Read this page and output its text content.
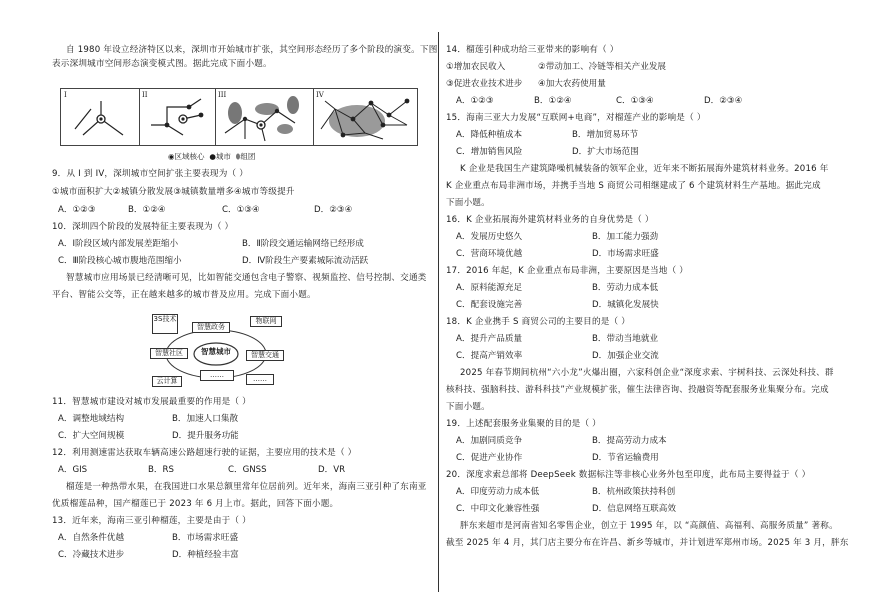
自 1980 年设立经济特区以来，深圳市开始城市扩张，其空间形态经历了多个阶段的演变。下图
表示深圳城市空间形态演变模式图。据此完成下面小题。
I	II	III	IV
◉区域核心 ●城市 ⬮组团
9．从 I 到 IV，深圳城市空间扩张主要表现为（ ）
①城市面积扩大②城镇分散发展③城镇数量增多④城市等级提升
A．①②③	B．①②④	C．①③④	D．②③④
10．深圳四个阶段的发展特征主要表现为（ ）
A．Ⅰ阶段区域内部发展差距缩小	B．Ⅱ阶段交通运输网络已经形成
C．Ⅲ阶段核心城市腹地范围缩小	D．Ⅳ阶段生产要素城际流动活跃
智慧城市应用场景已经清晰可见，比如智能交通包含电子警察、视频监控、信号控制、交通类
平台、智能公交等，正在越来越多的城市普及应用。完成下面小题。
智慧城市
3S技术
智慧政务
物联网
智慧社区	智慧交通
云计算
……	……
11．智慧城市建设对城市发展最重要的作用是（ ）
A．调整地域结构	B．加速人口集散
C．扩大空间规模	D．提升服务功能
12．利用测速雷达获取车辆高速公路超速行驶的证据，主要应用的技术是（ ）
A．GIS	B．RS	C．GNSS	D．VR
榴莲是一种热带水果，在我国进口水果总额里常年位居前列。近年来，海南三亚引种了东南亚
优质榴莲品种，国产榴莲已于 2023 年 6 月上市。据此，回答下面小题。
13．近年来，海南三亚引种榴莲，主要是由于（ ）
A．自然条件优越	B．市场需求旺盛
C．冷藏技术进步	D．种植经验丰富
14．榴莲引种成功给三亚带来的影响有（ ）
①增加农民收入	②带动加工、冷链等相关产业发展
③促进农业技术进步 ④加大农药使用量
A．①②③	B．①②④	C．①③④	D．②③④
15．海南三亚大力发展“互联网+电商”，对榴莲产业的影响是（ ）
A．降低种植成本	B．增加贸易环节
C．增加销售风险	D．扩大市场范围
K 企业是我国生产建筑降噪机械装备的领军企业，近年来不断拓展海外建筑材料业务。2016 年
K 企业重点布局非洲市场，并携手当地 S 商贸公司相继建成了 6 个建筑材料生产基地。据此完成
下面小题。
16．K 企业拓展海外建筑材料业务的自身优势是（ ）
A．发展历史悠久	B．加工能力强劲
C．营商环境优越	D．市场需求旺盛
17．2016 年起，K 企业重点布局非洲，主要原因是当地（ ）
A．原料能源充足	B．劳动力成本低
C．配套设施完善	D．城镇化发展快
18．K 企业携手 S 商贸公司的主要目的是（ ）
A．提升产品质量	B．带动当地就业
C．提高产销效率	D．加强企业交流
2025 年春节期间杭州“六小龙”火爆出圈，六家科创企业“深度求索、宇树科技、云深处科技、群
核科技、强脑科技、游科科技”产业规模扩张，催生法律咨询、投融资等配套服务业集聚分布。完成
下面小题。
19．上述配套服务业集聚的目的是（ ）
A．加剧同质竞争	B．提高劳动力成本
C．促进产业协作	D．节省运输费用
20．深度求索总部将 DeepSeek 数据标注等非核心业务外包至印度，此布局主要得益于（ ）
A．印度劳动力成本低	B．杭州政策扶持科创
C．中印文化兼容性强	D．信息网络互联高效
胖东来超市是河南省知名零售企业，创立于 1995 年，以 “高颜值、高福利、高服务质量” 著称。
截至 2025 年 4 月，其门店主要分布在许昌、新乡等城市，并计划进军郑州市场。2025 年 3 月，胖东
